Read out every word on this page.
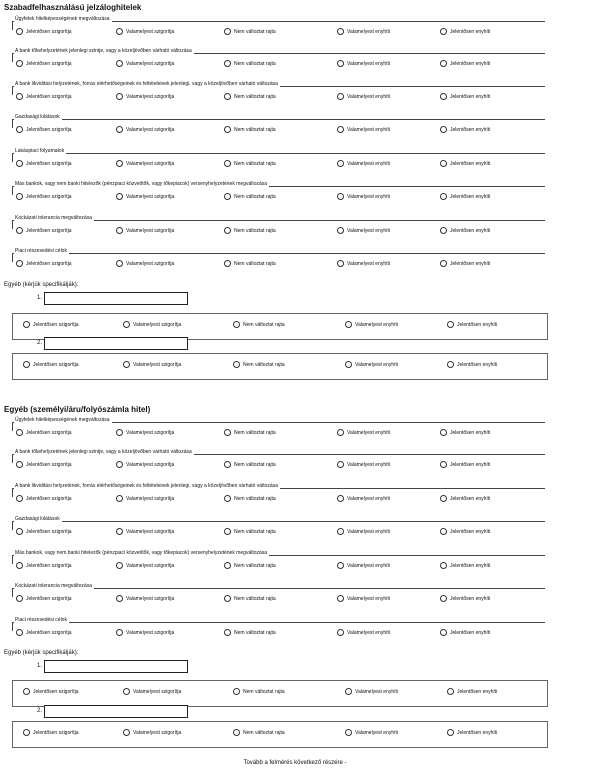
Szabadfelhasználású jelzáloghitelek
Ügyfelek hitelképességének megváltozása
Jelentősen szigorítja	Valamelyest szigorítja	Nem változtat rajta	Valamelyest enyhíti	Jelentősen enyhíti
A bank tőkehelyzetének jelenlegi szintje, vagy a közeljövőben várható változása
Jelentősen szigorítja	Valamelyest szigorítja	Nem változtat rajta	Valamelyest enyhíti	Jelentősen enyhíti
A bank likviditási helyzetének, forrás elérhetőségeinek és feltételeinek jelenlegi, vagy a közeljövőben várható változása
Jelentősen szigorítja	Valamelyest szigorítja	Nem változtat rajta	Valamelyest enyhíti	Jelentősen enyhíti
Gazdasági kilátások
Jelentősen szigorítja	Valamelyest szigorítja	Nem változtat rajta	Valamelyest enyhíti	Jelentősen enyhíti
Lakáspiaci folyamatok
Jelentősen szigorítja	Valamelyest szigorítja	Nem változtat rajta	Valamelyest enyhíti	Jelentősen enyhíti
Más bankok, vagy nem banki hitelezők (pénzpiaci közvetítők, vagy tőkepiacok) versenyhelyzetének megváltozása
Jelentősen szigorítja	Valamelyest szigorítja	Nem változtat rajta	Valamelyest enyhíti	Jelentősen enyhíti
Kockázati tolerancia megváltozása
Jelentősen szigorítja	Valamelyest szigorítja	Nem változtat rajta	Valamelyest enyhíti	Jelentősen enyhíti
Piaci részesedési célok
Jelentősen szigorítja	Valamelyest szigorítja	Nem változtat rajta	Valamelyest enyhíti	Jelentősen enyhíti
Egyéb (kérjük specifikálják):
1.
Jelentősen szigorítja	Valamelyest szigorítja	Nem változtat rajta	Valamelyest enyhíti	Jelentősen enyhíti
2.
Jelentősen szigorítja	Valamelyest szigorítja	Nem változtat rajta	Valamelyest enyhíti	Jelentősen enyhíti
Egyéb (személyi/áru/folyószámla hitel)
Ügyfelek hitelképességének megváltozása
Jelentősen szigorítja	Valamelyest szigorítja	Nem változtat rajta	Valamelyest enyhíti	Jelentősen enyhíti
A bank tőkehelyzetének jelenlegi szintje, vagy a közeljövőben várható változása
Jelentősen szigorítja	Valamelyest szigorítja	Nem változtat rajta	Valamelyest enyhíti	Jelentősen enyhíti
A bank likviditási helyzetének, forrás elérhetőségeinek és feltételeinek jelenlegi, vagy a közeljövőben várható változása
Jelentősen szigorítja	Valamelyest szigorítja	Nem változtat rajta	Valamelyest enyhíti	Jelentősen enyhíti
Gazdasági kilátások
Jelentősen szigorítja	Valamelyest szigorítja	Nem változtat rajta	Valamelyest enyhíti	Jelentősen enyhíti
Más bankok, vagy nem banki hitelezők (pénzpiaci közvetítők, vagy tőkepiacok) versenyhelyzetének megváltozása
Jelentősen szigorítja	Valamelyest szigorítja	Nem változtat rajta	Valamelyest enyhíti	Jelentősen enyhíti
Kockázati tolerancia megváltozása
Jelentősen szigorítja	Valamelyest szigorítja	Nem változtat rajta	Valamelyest enyhíti	Jelentősen enyhíti
Piaci részesedési célok
Jelentősen szigorítja	Valamelyest szigorítja	Nem változtat rajta	Valamelyest enyhíti	Jelentősen enyhíti
Egyéb (kérjük specifikálják):
1.
Jelentősen szigorítja	Valamelyest szigorítja	Nem változtat rajta	Valamelyest enyhíti	Jelentősen enyhíti
2.
Jelentősen szigorítja	Valamelyest szigorítja	Nem változtat rajta	Valamelyest enyhíti	Jelentősen enyhíti
Tovább a felmérés következő részére -
